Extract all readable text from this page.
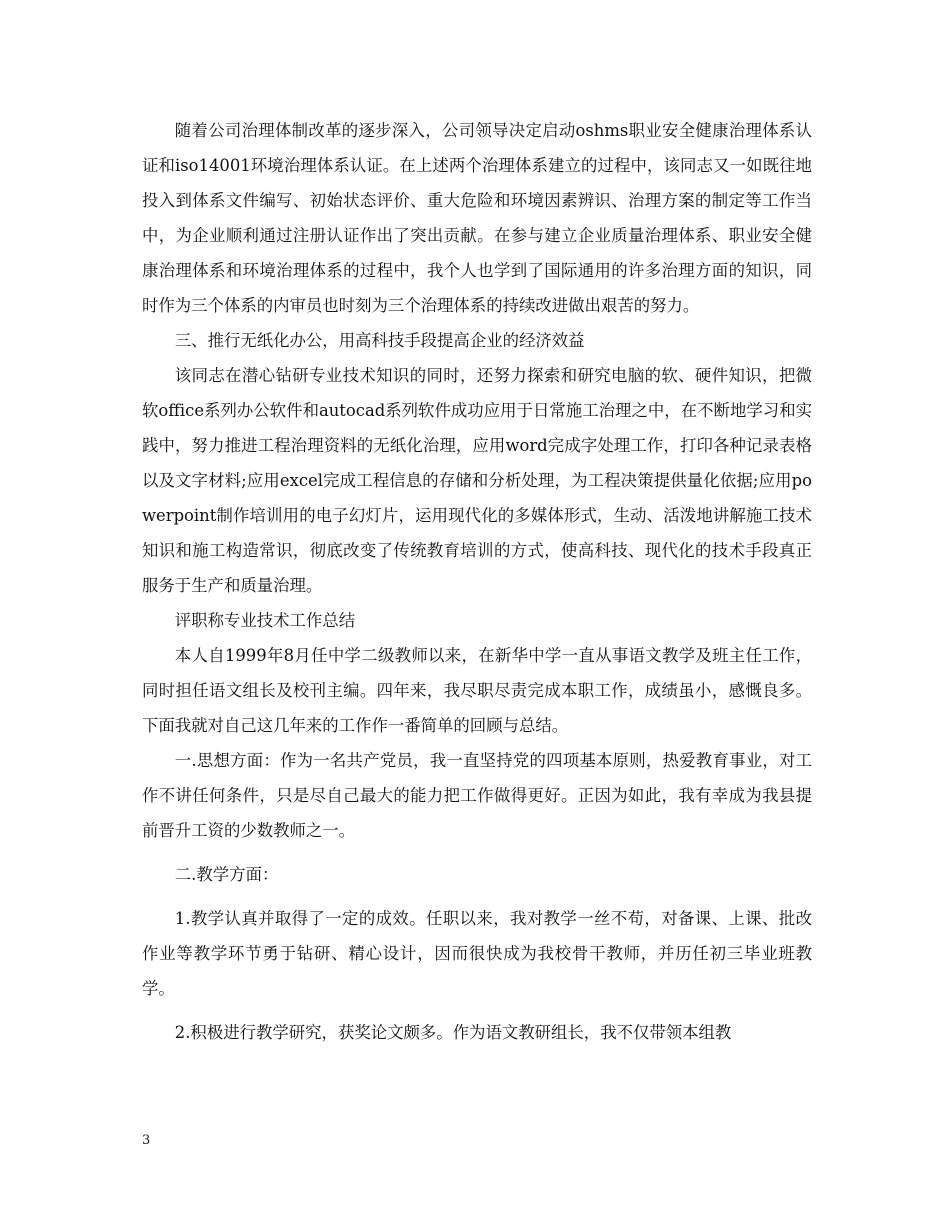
随着公司治理体制改革的逐步深入，公司领导决定启动oshms职业安全健康治理体系认证和iso14001环境治理体系认证。在上述两个治理体系建立的过程中，该同志又一如既往地投入到体系文件编写、初始状态评价、重大危险和环境因素辨识、治理方案的制定等工作当中，为企业顺利通过注册认证作出了突出贡献。在参与建立企业质量治理体系、职业安全健康治理体系和环境治理体系的过程中，我个人也学到了国际通用的许多治理方面的知识，同时作为三个体系的内审员也时刻为三个治理体系的持续改进做出艰苦的努力。

三、推行无纸化办公，用高科技手段提高企业的经济效益

该同志在潜心钻研专业技术知识的同时，还努力探索和研究电脑的软、硬件知识，把微软office系列办公软件和autocad系列软件成功应用于日常施工治理之中，在不断地学习和实践中，努力推进工程治理资料的无纸化治理，应用word完成字处理工作，打印各种记录表格以及文字材料;应用excel完成工程信息的存储和分析处理，为工程决策提供量化依据;应用powerpoint制作培训用的电子幻灯片，运用现代化的多媒体形式，生动、活泼地讲解施工技术知识和施工构造常识，彻底改变了传统教育培训的方式，使高科技、现代化的技术手段真正服务于生产和质量治理。

评职称专业技术工作总结

本人自1999年8月任中学二级教师以来，在新华中学一直从事语文教学及班主任工作，同时担任语文组长及校刊主编。四年来，我尽职尽责完成本职工作，成绩虽小，感慨良多。下面我就对自己这几年来的工作作一番简单的回顾与总结。

一.思想方面：作为一名共产党员，我一直坚持党的四项基本原则，热爱教育事业，对工作不讲任何条件，只是尽自己最大的能力把工作做得更好。正因为如此，我有幸成为我县提前晋升工资的少数教师之一。

二.教学方面：

1.教学认真并取得了一定的成效。任职以来，我对教学一丝不苟，对备课、上课、批改作业等教学环节勇于钻研、精心设计，因而很快成为我校骨干教师，并历任初三毕业班教学。

2.积极进行教学研究，获奖论文颇多。作为语文教研组长，我不仅带领本组教

3
